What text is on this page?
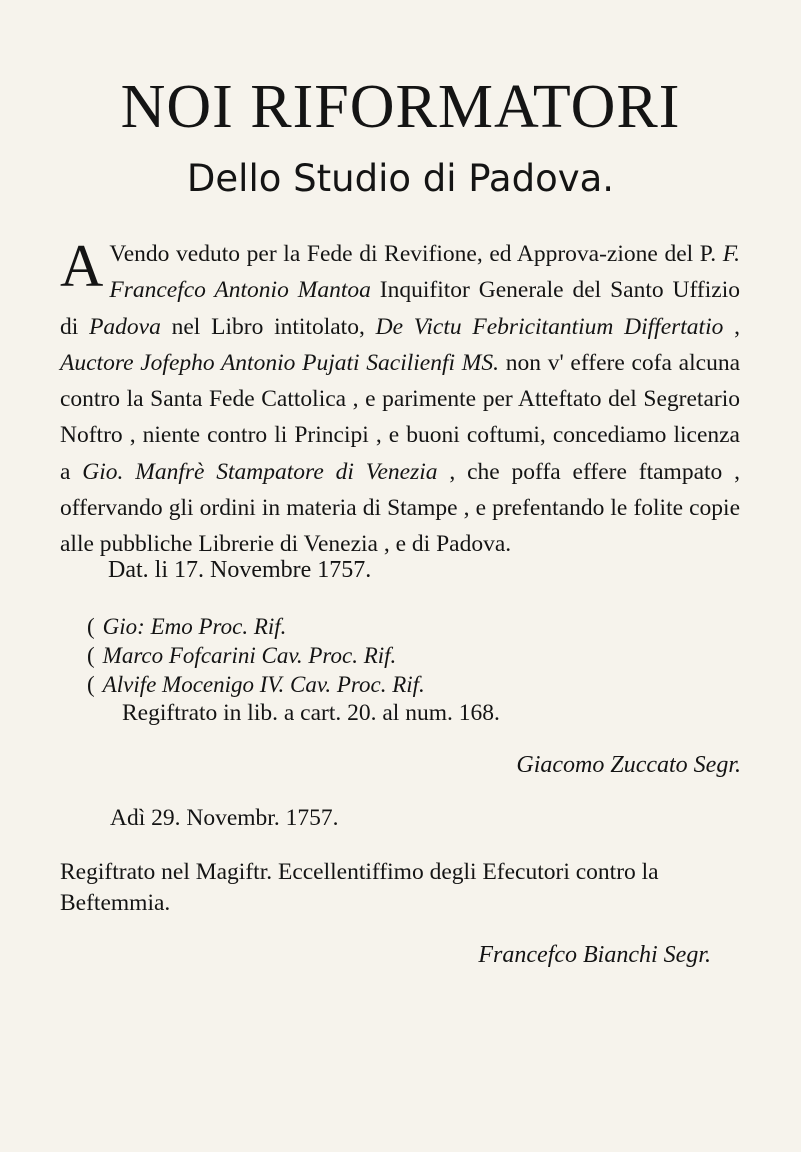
NOI RIFORMATORI
Dello Studio di Padova.
A Vendo veduto per la Fede di Revifione, ed Approva-zione del P. F. Francefco Antonio Mantoa Inquifitor Generale del Santo Uffizio di Padova nel Libro intitolato, De Victu Febricitantium Differtatio , Auctore Jofepho Antonio Pujati Sacilienfi MS. non v' effere cofa alcuna contro la Santa Fede Cattolica , e parimente per Atteftato del Segretario Noftro , niente contro li Principi , e buoni coftumi, concediamo licenza a Gio. Manfrè Stampatore di Venezia , che poffa effere ftampato , offervando gli ordini in materia di Stampe , e prefentando le folite copie alle pubbliche Librerie di Venezia , e di Padova.
Dat. li 17. Novembre 1757.
( Gio: Emo Proc. Rif.
( Marco Fofcarini Cav. Proc. Rif.
( Alvife Mocenigo IV. Cav. Proc. Rif.
Regiftrato in lib. a cart. 20. al num. 168.
Giacomo Zuccato Segr.
Adì 29. Novembr. 1757.
Regiftrato nel Magiftr. Eccellentiffimo degli Efecutori contro la Beftemmia.
Francefco Bianchi Segr.
